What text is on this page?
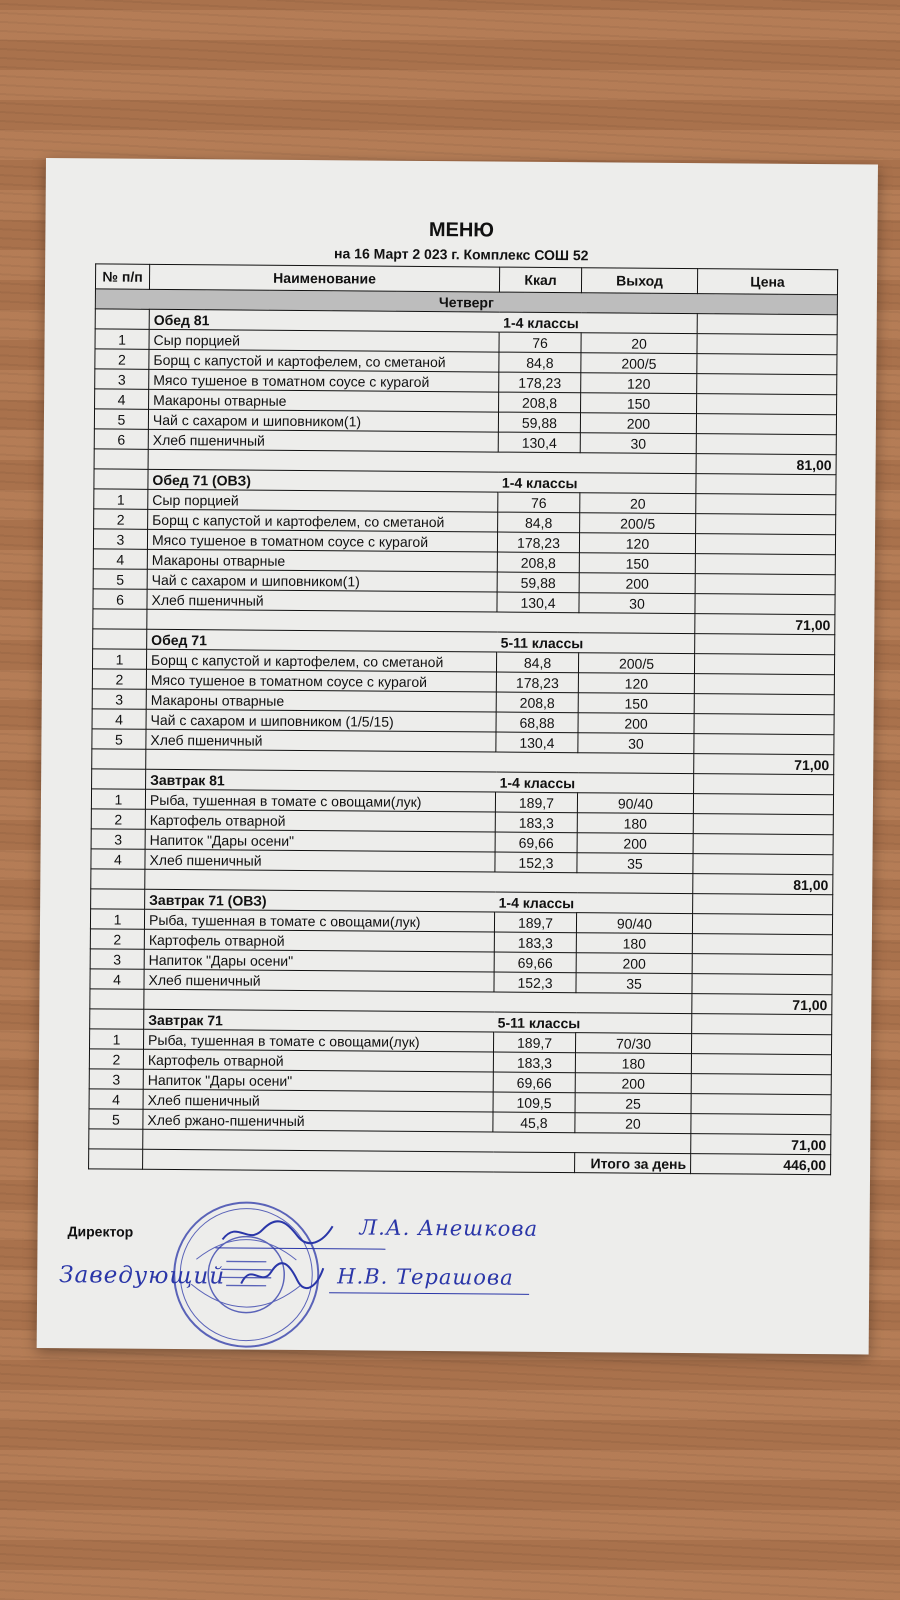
МЕНЮ
на 16 Март 2 023 г. Комплекс СОШ 52
№ п/п	Наименование	Ккал	Выход	Цена
Четверг				
	Обед 81	1-4 классы		
1	Сыр порцией	76	20	
2	Борщ с капустой и картофелем, со сметаной	84,8	200/5	
3	Мясо тушеное в томатном соусе с курагой	178,23	120	
4	Макароны отварные	208,8	150	
5	Чай с сахаром и шиповником(1)	59,88	200	
6	Хлеб пшеничный	130,4	30	
				81,00
	Обед 71 (ОВЗ)	1-4 классы		
1	Сыр порцией	76	20	
2	Борщ с капустой и картофелем, со сметаной	84,8	200/5	
3	Мясо тушеное в томатном соусе с курагой	178,23	120	
4	Макароны отварные	208,8	150	
5	Чай с сахаром и шиповником(1)	59,88	200	
6	Хлеб пшеничный	130,4	30	
				71,00
	Обед 71	5-11 классы		
1	Борщ с капустой и картофелем, со сметаной	84,8	200/5	
2	Мясо тушеное в томатном соусе с курагой	178,23	120	
3	Макароны отварные	208,8	150	
4	Чай с сахаром и шиповником (1/5/15)	68,88	200	
5	Хлеб пшеничный	130,4	30	
				71,00
	Завтрак 81	1-4 классы		
1	Рыба, тушенная в томате с овощами(лук)	189,7	90/40	
2	Картофель отварной	183,3	180	
3	Напиток "Дары осени"	69,66	200	
4	Хлеб пшеничный	152,3	35	
				81,00
	Завтрак 71 (ОВЗ)	1-4 классы		
1	Рыба, тушенная в томате с овощами(лук)	189,7	90/40	
2	Картофель отварной	183,3	180	
3	Напиток "Дары осени"	69,66	200	
4	Хлеб пшеничный	152,3	35	
				71,00
	Завтрак 71	5-11 классы		
1	Рыба, тушенная в томате с овощами(лук)	189,7	70/30	
2	Картофель отварной	183,3	180	
3	Напиток "Дары осени"	69,66	200	
4	Хлеб пшеничный	109,5	25	
5	Хлеб ржано-пшеничный	45,8	20	
				71,00
			Итого за день	446,00
Директор	Л.А. Анешкова
Заведующий	Н.В. Терашова
